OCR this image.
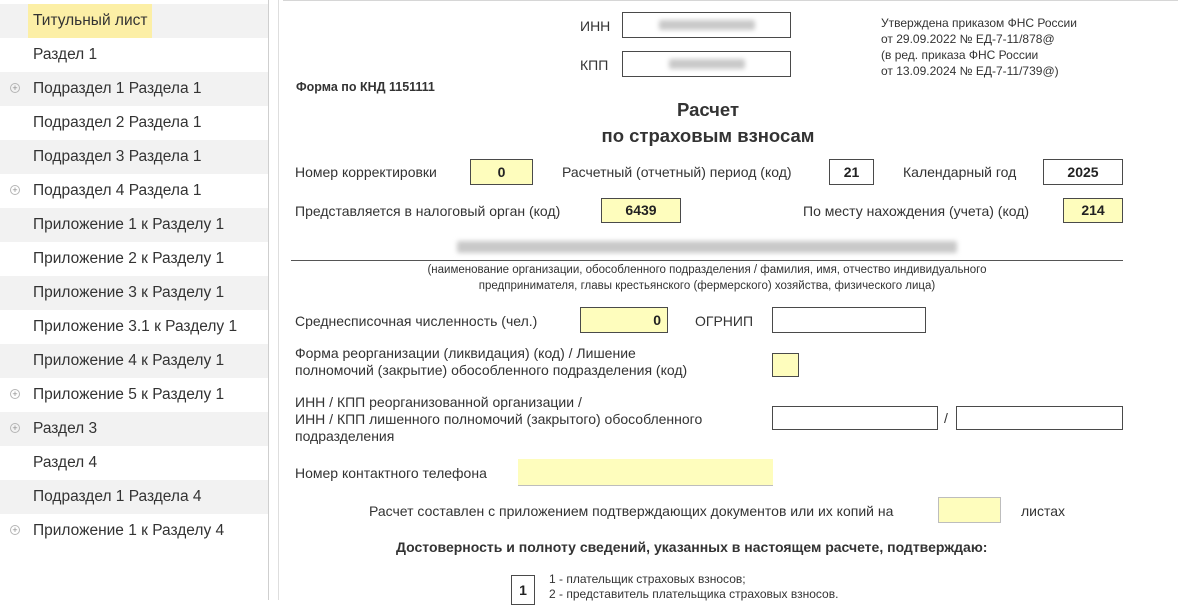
Титульный лист
Раздел 1
+ Подраздел 1 Раздела 1
Подраздел 2 Раздела 1
Подраздел 3 Раздела 1
+ Подраздел 4 Раздела 1
Приложение 1 к Разделу 1
Приложение 2 к Разделу 1
Приложение 3 к Разделу 1
Приложение 3.1 к Разделу 1
Приложение 4 к Разделу 1
+ Приложение 5 к Разделу 1
+ Раздел 3
Раздел 4
Подраздел 1 Раздела 4
+ Приложение 1 к Разделу 4
ИНН
КПП
Утверждена приказом ФНС России
от 29.09.2022 № ЕД-7-11/878@
(в ред. приказа ФНС России
от 13.09.2024 № ЕД-7-11/739@)
Форма по КНД 1151111
Расчет
по страховым взносам
Номер корректировки	0	Расчетный (отчетный) период (код)	21	Календарный год	2025
Представляется в налоговый орган (код)	6439	По месту нахождения (учета) (код)	214
(наименование организации, обособленного подразделения / фамилия, имя, отчество индивидуального
предпринимателя, главы крестьянского (фермерского) хозяйства, физического лица)
Среднесписочная численность (чел.)	0	ОГРНИП
Форма реорганизации (ликвидация) (код) / Лишение
полномочий (закрытие) обособленного подразделения (код)
ИНН / КПП реорганизованной организации /
ИНН / КПП лишенного полномочий (закрытого) обособленного
подразделения
/
Номер контактного телефона
Расчет составлен с приложением подтверждающих документов или их копий на	листах
Достоверность и полноту сведений, указанных в настоящем расчете, подтверждаю:
1
1 - плательщик страховых взносов;
2 - представитель плательщика страховых взносов.
